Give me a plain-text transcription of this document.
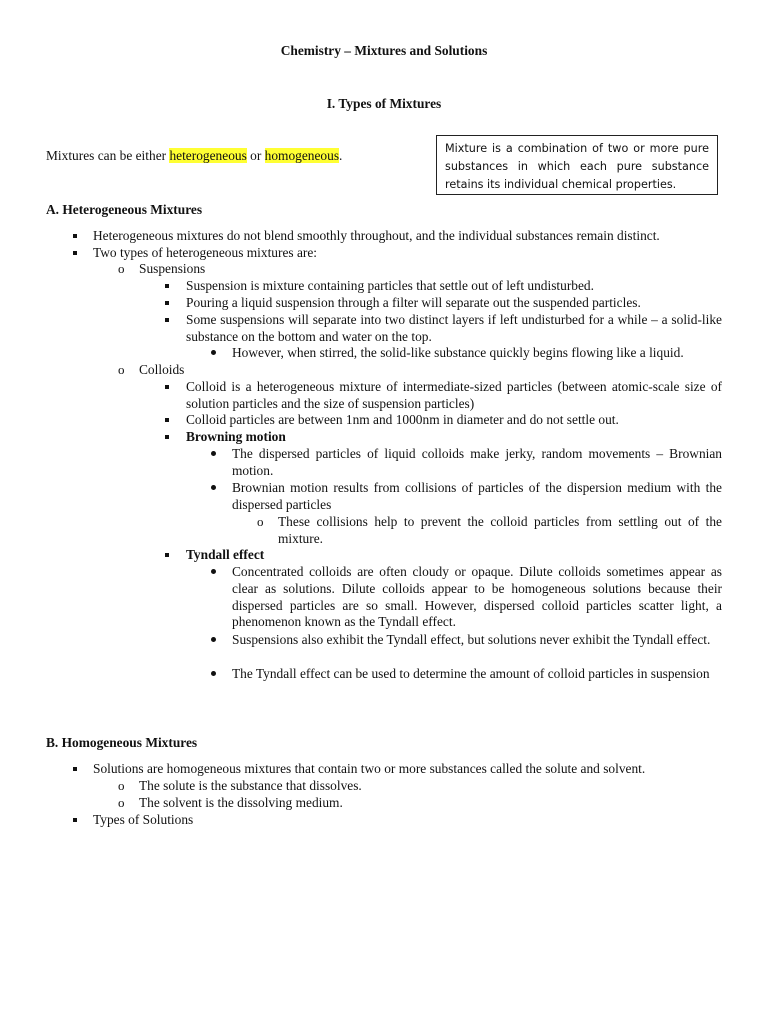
Chemistry – Mixtures and Solutions
I. Types of Mixtures
Mixtures can be either heterogeneous or homogeneous.	Mixture is a combination of two or more pure substances in which each pure substance retains its individual chemical properties.
A. Heterogeneous Mixtures
Heterogeneous mixtures do not blend smoothly throughout, and the individual substances remain distinct.
Two types of heterogeneous mixtures are:
o	Suspensions
Suspension is mixture containing particles that settle out of left undisturbed.
Pouring a liquid suspension through a filter will separate out the suspended particles.
Some suspensions will separate into two distinct layers if left undisturbed for a while – a solid-like substance on the bottom and water on the top.
However, when stirred, the solid-like substance quickly begins flowing like a liquid.
o	Colloids
Colloid is a heterogeneous mixture of intermediate-sized particles (between atomic-scale size of solution particles and the size of suspension particles)
Colloid particles are between 1nm and 1000nm in diameter and do not settle out.
Browning motion
The dispersed particles of liquid colloids make jerky, random movements – Brownian motion.
Brownian motion results from collisions of particles of the dispersion medium with the dispersed particles
o	These collisions help to prevent the colloid particles from settling out of the mixture.
Tyndall effect
Concentrated colloids are often cloudy or opaque. Dilute colloids sometimes appear as clear as solutions. Dilute colloids appear to be homogeneous solutions because their dispersed particles are so small. However, dispersed colloid particles scatter light, a phenomenon known as the Tyndall effect.
Suspensions also exhibit the Tyndall effect, but solutions never exhibit the Tyndall effect.
The Tyndall effect can be used to determine the amount of colloid particles in suspension
B. Homogeneous Mixtures
Solutions are homogeneous mixtures that contain two or more substances called the solute and solvent.
o	The solute is the substance that dissolves.
o	The solvent is the dissolving medium.
Types of Solutions
